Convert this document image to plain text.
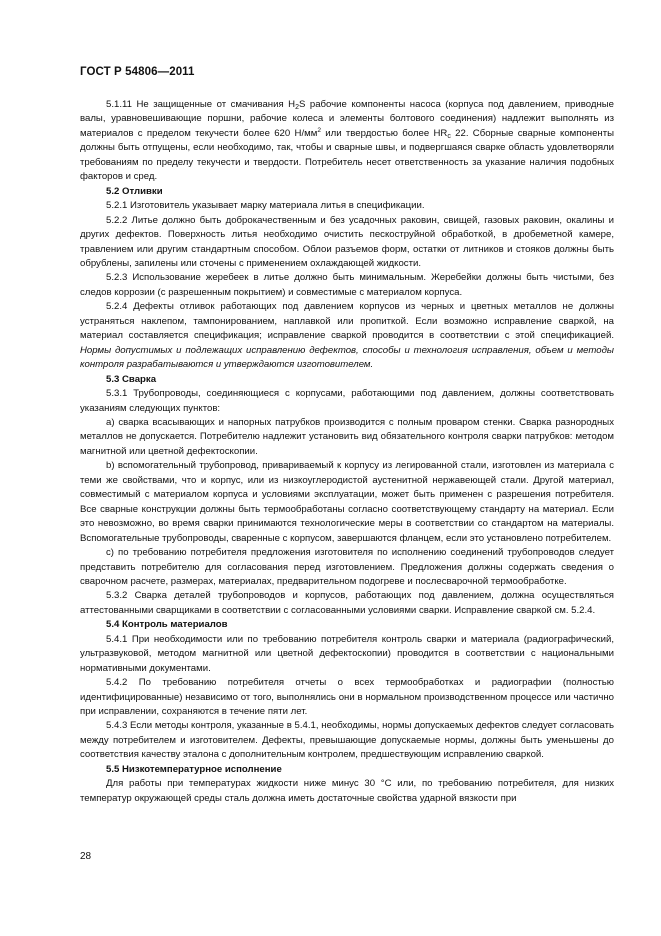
ГОСТ Р 54806—2011

5.1.11 Не защищенные от смачивания $H_2S$ рабочие компоненты насоса (корпуса под давлением, приводные валы, уравновешивающие поршни, рабочие колеса и элементы болтового соединения) надлежит выполнять из материалов с пределом текучести более 620 $Н/мм^2$ или твердостью более $HR_c$ 22. Сборные сварные компоненты должны быть отпущены, если необходимо, так, чтобы и сварные швы, и подвергшаяся сварке область удовлетворяли требованиям по пределу текучести и твердости. Потребитель несет ответственность за указание наличия подобных факторов и сред.

5.2 Отливки

5.2.1 Изготовитель указывает марку материала литья в спецификации.

5.2.2 Литье должно быть доброкачественным и без усадочных раковин, свищей, газовых раковин, окалины и других дефектов. Поверхность литья необходимо очистить пескоструйной обработкой, в дробеметной камере, травлением или другим стандартным способом. Облои разъемов форм, остатки от литников и стояков должны быть обрублены, запилены или сточены с применением охлаждающей жидкости.

5.2.3 Использование жеребеек в литье должно быть минимальным. Жеребейки должны быть чистыми, без следов коррозии (с разрешенным покрытием) и совместимые с материалом корпуса.

5.2.4 Дефекты отливок работающих под давлением корпусов из черных и цветных металлов не должны устраняться наклепом, тампонированием, наплавкой или пропиткой. Если возможно исправление сваркой, на материал составляется спецификация; исправление сваркой проводится в соответствии с этой спецификацией. Нормы допустимых и подлежащих исправлению дефектов, способы и технология исправления, объем и методы контроля разрабатываются и утверждаются изготовителем.

5.3 Сварка

5.3.1 Трубопроводы, соединяющиеся с корпусами, работающими под давлением, должны соответствовать указаниям следующих пунктов:

а) сварка всасывающих и напорных патрубков производится с полным проваром стенки. Сварка разнородных металлов не допускается. Потребителю надлежит установить вид обязательного контроля сварки патрубков: методом магнитной или цветной дефектоскопии.

b) вспомогательный трубопровод, привариваемый к корпусу из легированной стали, изготовлен из материала с теми же свойствами, что и корпус, или из низкоуглеродистой аустенитной нержавеющей стали. Другой материал, совместимый с материалом корпуса и условиями эксплуатации, может быть применен с разрешения потребителя. Все сварные конструкции должны быть термообработаны согласно соответствующему стандарту на материал. Если это невозможно, во время сварки принимаются технологические меры в соответствии со стандартом на материалы. Вспомогательные трубопроводы, сваренные с корпусом, завершаются фланцем, если это установлено потребителем.

с) по требованию потребителя предложения изготовителя по исполнению соединений трубопроводов следует представить потребителю для согласования перед изготовлением. Предложения должны содержать сведения о сварочном расчете, размерах, материалах, предварительном подогреве и послесварочной термообработке.

5.3.2 Сварка деталей трубопроводов и корпусов, работающих под давлением, должна осуществляться аттестованными сварщиками в соответствии с согласованными условиями сварки. Исправление сваркой см. 5.2.4.

5.4 Контроль материалов

5.4.1 При необходимости или по требованию потребителя контроль сварки и материала (радиографический, ультразвуковой, методом магнитной или цветной дефектоскопии) проводится в соответствии с национальными нормативными документами.

5.4.2 По требованию потребителя отчеты о всех термообработках и радиографии (полностью идентифицированные) независимо от того, выполнялись они в нормальном производственном процессе или частично при исправлении, сохраняются в течение пяти лет.

5.4.3 Если методы контроля, указанные в 5.4.1, необходимы, нормы допускаемых дефектов следует согласовать между потребителем и изготовителем. Дефекты, превышающие допускаемые нормы, должны быть уменьшены до соответствия качеству эталона с дополнительным контролем, предшествующим исправлению сваркой.

5.5 Низкотемпературное исполнение

Для работы при температурах жидкости ниже минус 30 °С или, по требованию потребителя, для низких температур окружающей среды сталь должна иметь достаточные свойства ударной вязкости при

28
